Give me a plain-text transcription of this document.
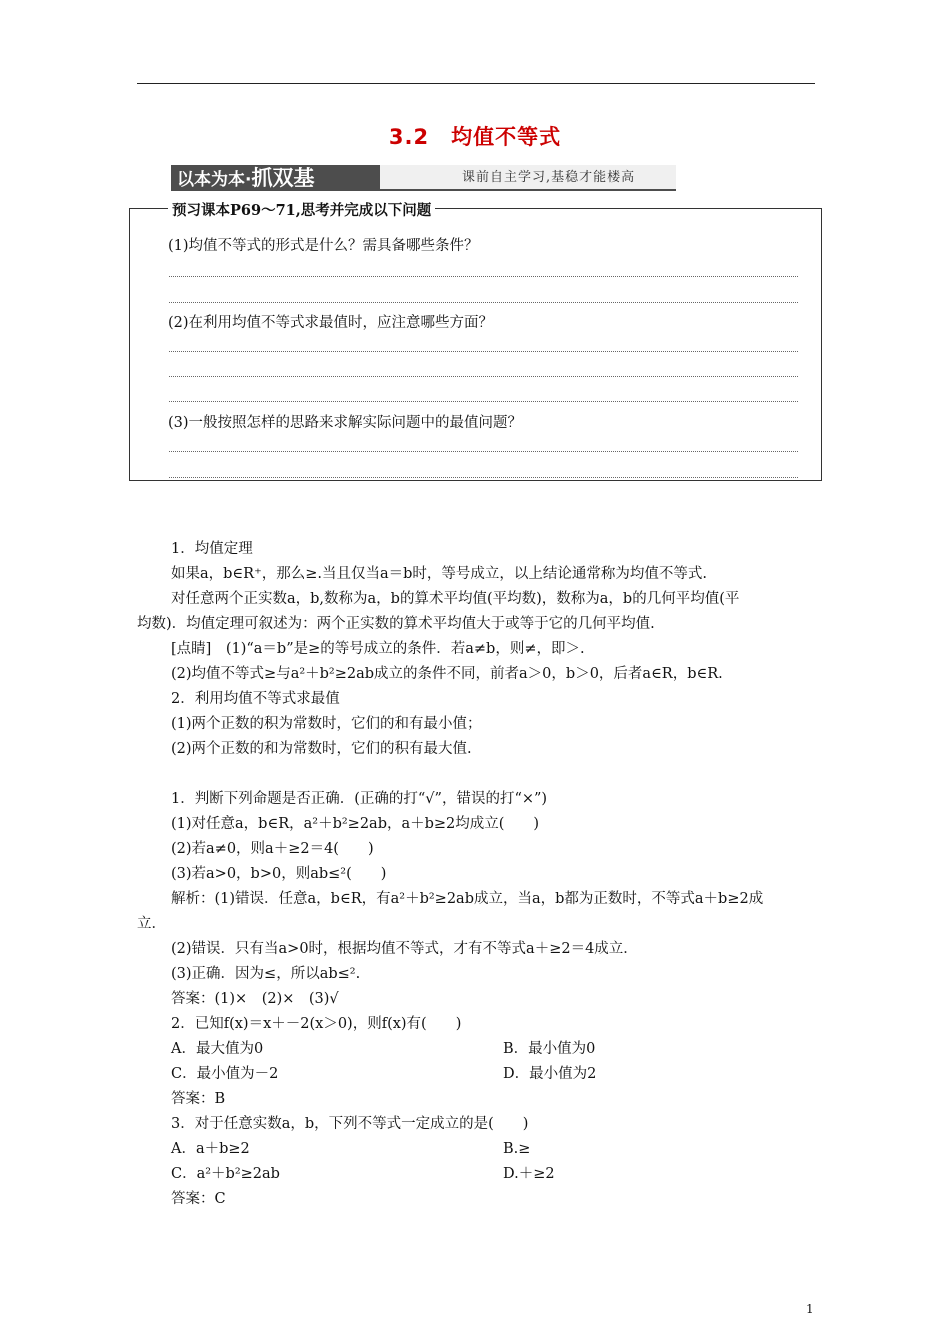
3.2　均值不等式
以本为本·抓双基	课前自主学习,基稳才能楼高
预习课本P69～71,思考并完成以下问题
(1)均值不等式的形式是什么？需具备哪些条件？
(2)在利用均值不等式求最值时，应注意哪些方面？
(3)一般按照怎样的思路来求解实际问题中的最值问题？
1．均值定理
如果a，b∈R⁺，那么≥.当且仅当a＝b时，等号成立，以上结论通常称为均值不等式.
对任意两个正实数a，b,数称为a，b的算术平均值(平均数)，数称为a，b的几何平均值(平
均数)．均值定理可叙述为：两个正实数的算术平均值大于或等于它的几何平均值.
[点睛]　(1)“a＝b”是≥的等号成立的条件．若a≠b，则≠，即＞.
(2)均值不等式≥与a²＋b²≥2ab成立的条件不同，前者a＞0，b＞0，后者a∈R，b∈R.
2．利用均值不等式求最值
(1)两个正数的积为常数时，它们的和有最小值；
(2)两个正数的和为常数时，它们的积有最大值.
1．判断下列命题是否正确．(正确的打“√”，错误的打“×”)
(1)对任意a，b∈R，a²＋b²≥2ab，a＋b≥2均成立(　　)
(2)若a≠0，则a＋≥2＝4(　　)
(3)若a>0，b>0，则ab≤²(　　)
解析：(1)错误．任意a，b∈R，有a²＋b²≥2ab成立，当a，b都为正数时，不等式a＋b≥2成
立．
(2)错误．只有当a>0时，根据均值不等式，才有不等式a＋≥2＝4成立．
(3)正确．因为≤，所以ab≤².
答案：(1)×　(2)×　(3)√
2．已知f(x)＝x＋－2(x＞0)，则f(x)有(　　)
A．最大值为0	B．最小值为0
C．最小值为－2	D．最小值为2
答案：B
3．对于任意实数a，b，下列不等式一定成立的是(　　)
A．a＋b≥2	B.≥
C．a²＋b²≥2ab	D.＋≥2
答案：C
1
